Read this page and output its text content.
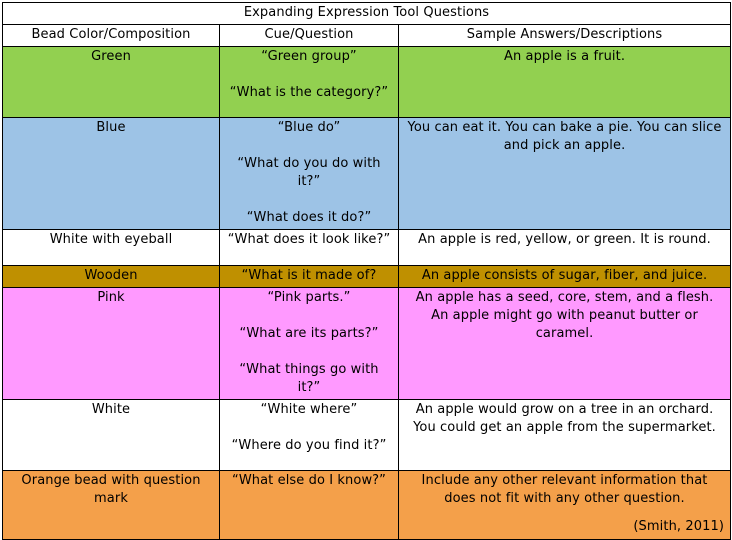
Expanding Expression Tool Questions		
Bead Color/Composition	Cue/Question	Sample Answers/Descriptions
Green	“Green group”
“What is the category?”	An apple is a fruit.

Blue	“Blue do”
“What do you do with it?”
“What does it do?”	You can eat it. You can bake a pie. You can slice and pick an apple.

White with eyeball	“What does it look like?”	An apple is red, yellow, or green. It is round.

Wooden	“What is it made of?	An apple consists of sugar, fiber, and juice.

Pink	“Pink parts.”
“What are its parts?”
“What things go with it?”	An apple has a seed, core, stem, and a flesh. An apple might go with peanut butter or caramel.

White	“White where”
“Where do you find it?”	An apple would grow on a tree in an orchard. You could get an apple from the supermarket.

Orange bead with question mark	“What else do I know?”	Include any other relevant information that does not fit with any other question.
(Smith, 2011)
